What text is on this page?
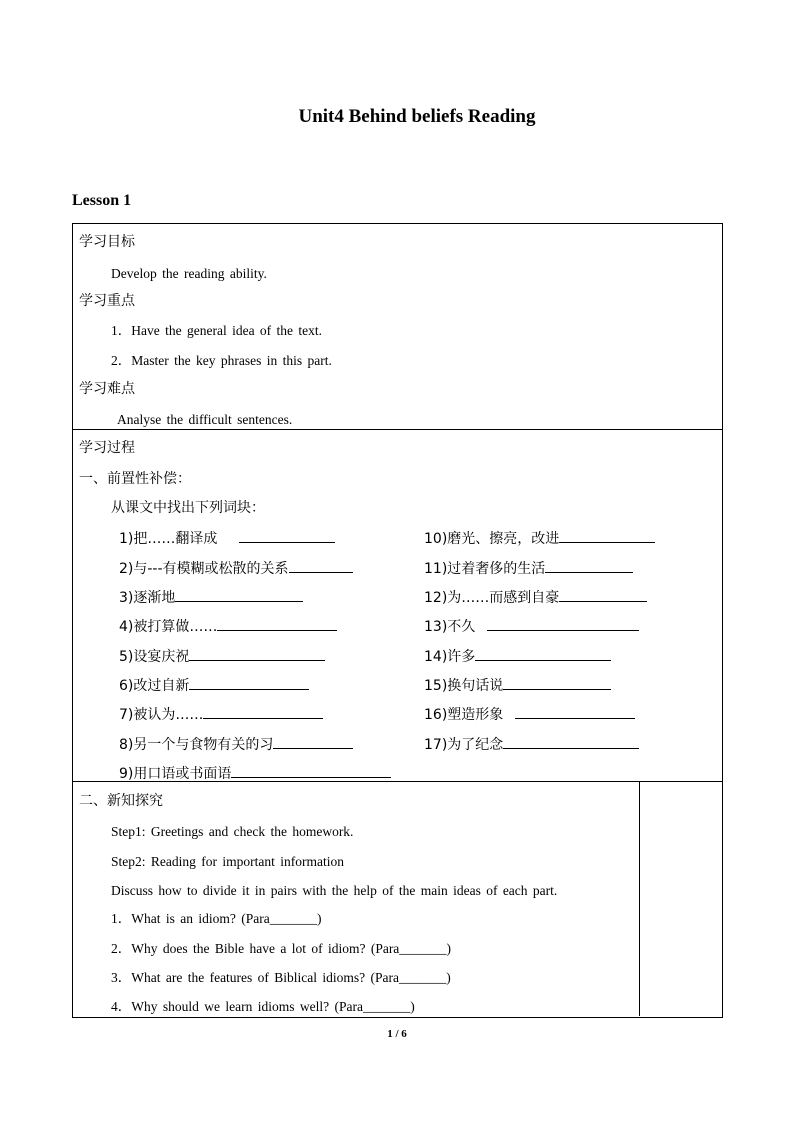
Unit4 Behind beliefs Reading
Lesson 1
学习目标
Develop the reading ability.
学习重点
1．Have the general idea of the text.
2．Master the key phrases in this part.
学习难点
Analyse the difficult sentences.
学习过程
一、前置性补偿：
从课文中找出下列词块：
1)把……翻译成
2)与---有模糊或松散的关系
3)逐渐地
4)被打算做……
5)设宴庆祝
6)改过自新
7)被认为……
8)另一个与食物有关的习
9)用口语或书面语
10)磨光、擦亮，改进
11)过着奢侈的生活
12)为……而感到自豪
13)不久
14)许多
15)换句话说
16)塑造形象
17)为了纪念
二、新知探究
Step1: Greetings and check the homework.
Step2: Reading for important information
Discuss how to divide it in pairs with the help of the main ideas of each part.
1．What is an idiom? (Para_______)
2．Why does the Bible have a lot of idiom? (Para_______)
3．What are the features of Biblical idioms? (Para_______)
4．Why should we learn idioms well? (Para_______)
1 / 6
